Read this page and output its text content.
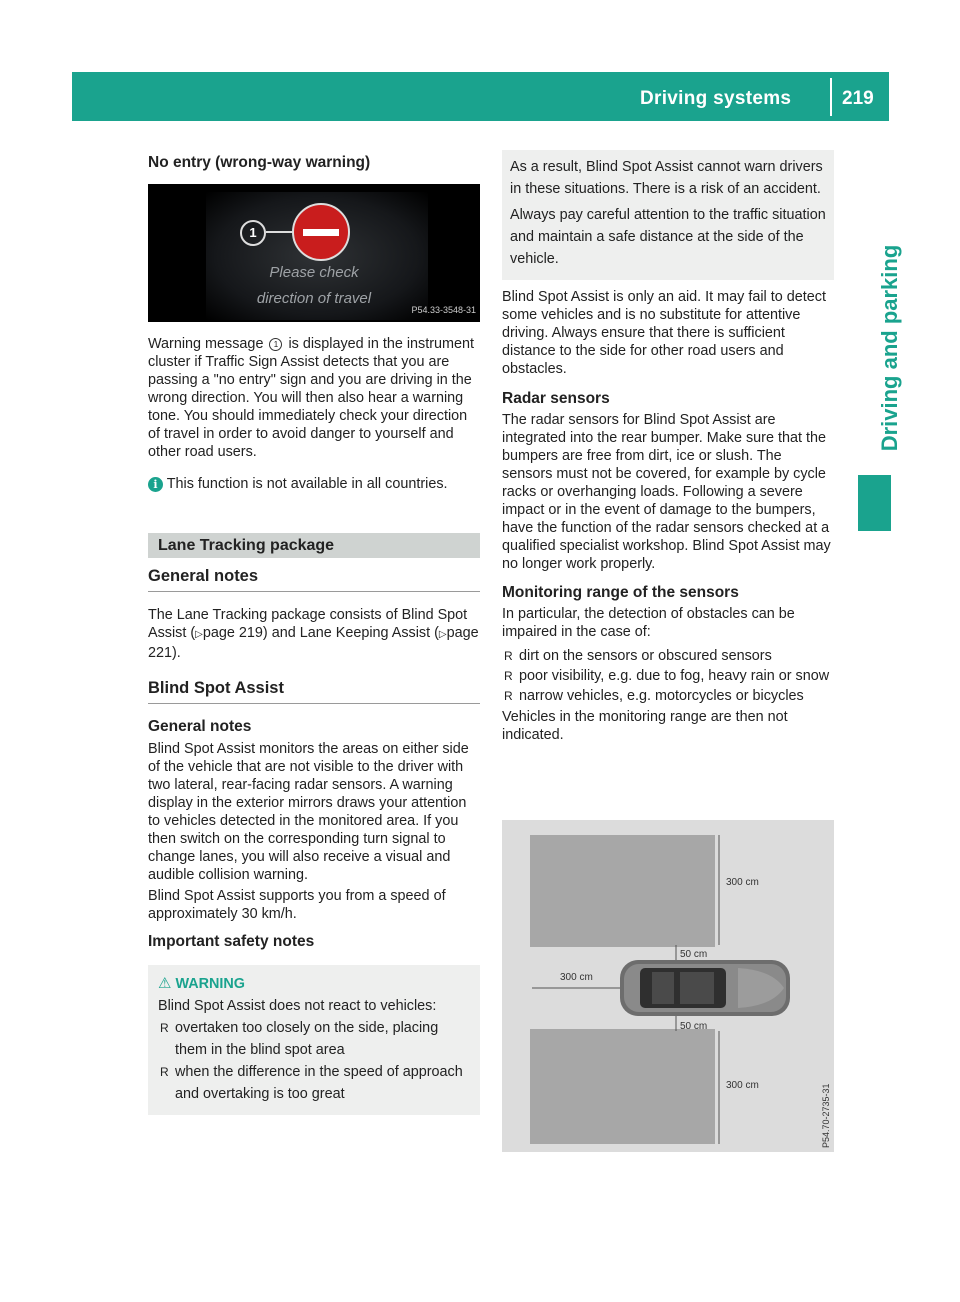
Driving systems	219
Driving and parking
No entry (wrong-way warning)
1
Please check
direction of travel
P54.33-3548-31

Warning message 1 is displayed in the instrument cluster if Traffic Sign Assist detects that you are passing a "no entry" sign and you are driving in the wrong direction. You will then also hear a warning tone. You should immediately check your direction of travel in order to avoid danger to yourself and other road users.

i This function is not available in all countries.

Lane Tracking package
General notes

The Lane Tracking package consists of Blind Spot Assist (▷page 219) and Lane Keeping Assist (▷page 221).

Blind Spot Assist
General notes

Blind Spot Assist monitors the areas on either side of the vehicle that are not visible to the driver with two lateral, rear-facing radar sensors. A warning display in the exterior mirrors draws your attention to vehicles detected in the monitored area. If you then switch on the corresponding turn signal to change lanes, you will also receive a visual and audible collision warning.

Blind Spot Assist supports you from a speed of approximately 30 km/h.

Important safety notes
⚠ WARNING
Blind Spot Assist does not react to vehicles:
R overtaken too closely on the side, placing them in the blind spot area
R when the difference in the speed of approach and overtaking is too great

As a result, Blind Spot Assist cannot warn drivers in these situations. There is a risk of an accident.

Always pay careful attention to the traffic situation and maintain a safe distance at the side of the vehicle.

Blind Spot Assist is only an aid. It may fail to detect some vehicles and is no substitute for attentive driving. Always ensure that there is sufficient distance to the side for other road users and obstacles.

Radar sensors

The radar sensors for Blind Spot Assist are integrated into the rear bumper. Make sure that the bumpers are free from dirt, ice or slush. The sensors must not be covered, for example by cycle racks or overhanging loads. Following a severe impact or in the event of damage to the bumpers, have the function of the radar sensors checked at a qualified specialist workshop. Blind Spot Assist may no longer work properly.

Monitoring range of the sensors

In particular, the detection of obstacles can be impaired in the case of:

R dirt on the sensors or obscured sensors
R poor visibility, e.g. due to fog, heavy rain or snow
R narrow vehicles, e.g. motorcycles or bicycles

Vehicles in the monitoring range are then not indicated.

300 cm
50 cm
300 cm
50 cm
300 cm	P54.70-2735-31
